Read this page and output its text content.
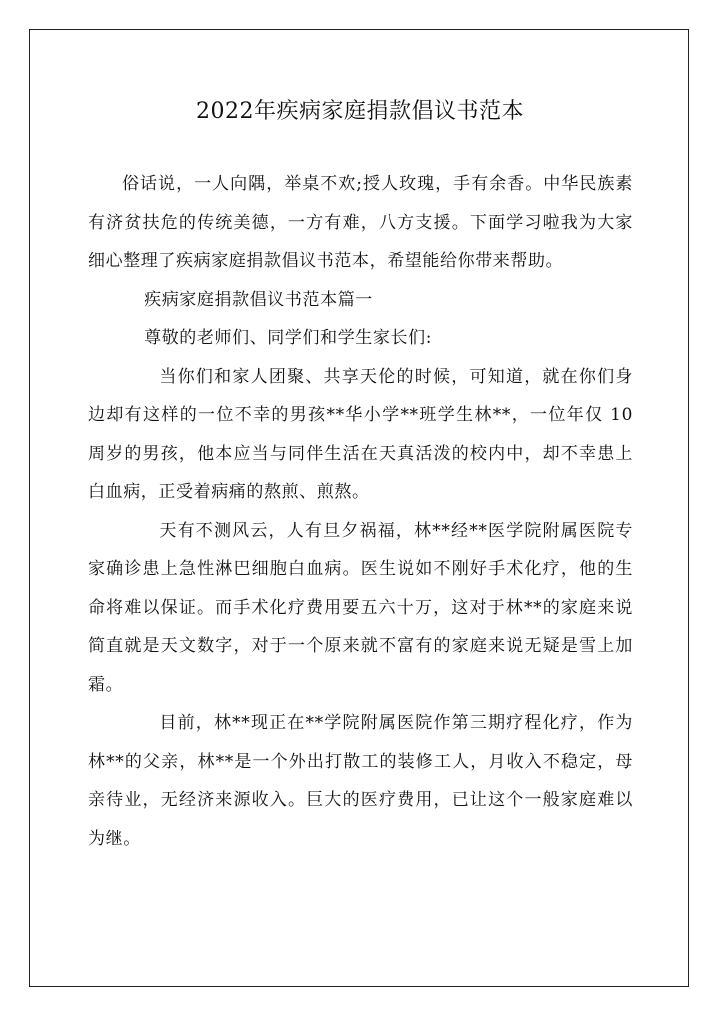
2022年疾病家庭捐款倡议书范本

俗话说，一人向隅，举桌不欢;授人玫瑰，手有余香。中华民族素有济贫扶危的传统美德，一方有难，八方支援。下面学习啦我为大家细心整理了疾病家庭捐款倡议书范本，希望能给你带来帮助。

疾病家庭捐款倡议书范本篇一

尊敬的老师们、同学们和学生家长们:

当你们和家人团聚、共享天伦的时候，可知道，就在你们身边却有这样的一位不幸的男孩**华小学**班学生林**，一位年仅 10 周岁的男孩，他本应当与同伴生活在天真活泼的校内中，却不幸患上白血病，正受着病痛的熬煎、煎熬。

天有不测风云，人有旦夕祸福，林**经**医学院附属医院专家确诊患上急性淋巴细胞白血病。医生说如不刚好手术化疗，他的生命将难以保证。而手术化疗费用要五六十万，这对于林**的家庭来说简直就是天文数字，对于一个原来就不富有的家庭来说无疑是雪上加霜。

目前，林**现正在**学院附属医院作第三期疗程化疗，作为林**的父亲，林**是一个外出打散工的装修工人，月收入不稳定，母亲待业，无经济来源收入。巨大的医疗费用，已让这个一般家庭难以为继。
